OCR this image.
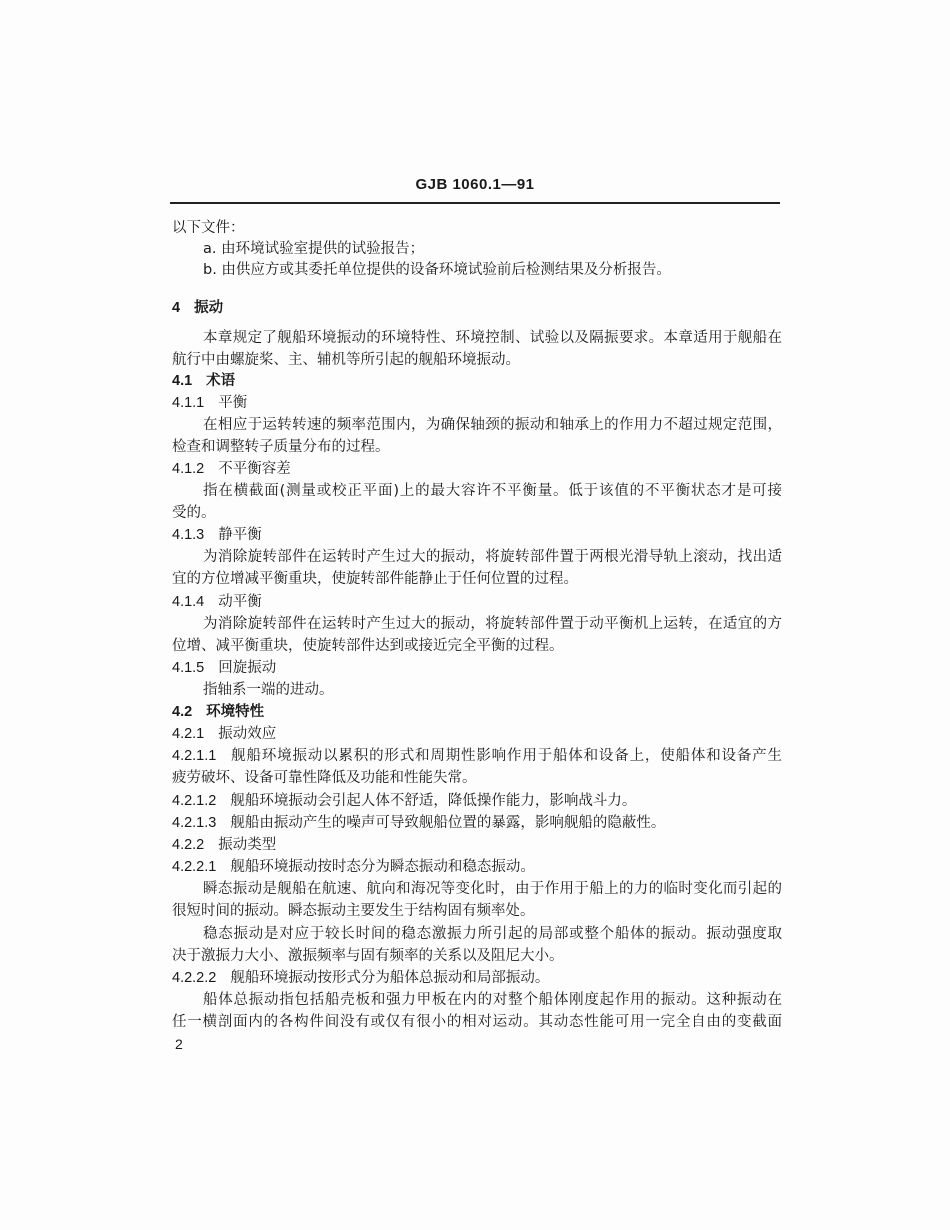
GJB 1060.1—91
以下文件：
a. 由环境试验室提供的试验报告；
b. 由供应方或其委托单位提供的设备环境试验前后检测结果及分析报告。
4 振动
本章规定了舰船环境振动的环境特性、环境控制、试验以及隔振要求。本章适用于舰船在
航行中由螺旋桨、主、辅机等所引起的舰船环境振动。
4.1 术语
4.1.1 平衡
在相应于运转转速的频率范围内，为确保轴颈的振动和轴承上的作用力不超过规定范围，
检查和调整转子质量分布的过程。
4.1.2 不平衡容差
指在横截面(测量或校正平面)上的最大容许不平衡量。低于该值的不平衡状态才是可接
受的。
4.1.3 静平衡
为消除旋转部件在运转时产生过大的振动，将旋转部件置于两根光滑导轨上滚动，找出适
宜的方位增减平衡重块，使旋转部件能静止于任何位置的过程。
4.1.4 动平衡
为消除旋转部件在运转时产生过大的振动，将旋转部件置于动平衡机上运转，在适宜的方
位增、减平衡重块，使旋转部件达到或接近完全平衡的过程。
4.1.5 回旋振动
指轴系一端的进动。
4.2 环境特性
4.2.1 振动效应
4.2.1.1 舰船环境振动以累积的形式和周期性影响作用于船体和设备上，使船体和设备产生
疲劳破坏、设备可靠性降低及功能和性能失常。
4.2.1.2 舰船环境振动会引起人体不舒适，降低操作能力，影响战斗力。
4.2.1.3 舰船由振动产生的噪声可导致舰船位置的暴露，影响舰船的隐蔽性。
4.2.2 振动类型
4.2.2.1 舰船环境振动按时态分为瞬态振动和稳态振动。
瞬态振动是舰船在航速、航向和海况等变化时，由于作用于船上的力的临时变化而引起的
很短时间的振动。瞬态振动主要发生于结构固有频率处。
稳态振动是对应于较长时间的稳态激振力所引起的局部或整个船体的振动。振动强度取
决于激振力大小、激振频率与固有频率的关系以及阻尼大小。
4.2.2.2 舰船环境振动按形式分为船体总振动和局部振动。
船体总振动指包括船壳板和强力甲板在内的对整个船体刚度起作用的振动。这种振动在
任一横剖面内的各构件间没有或仅有很小的相对运动。其动态性能可用一完全自由的变截面
2
